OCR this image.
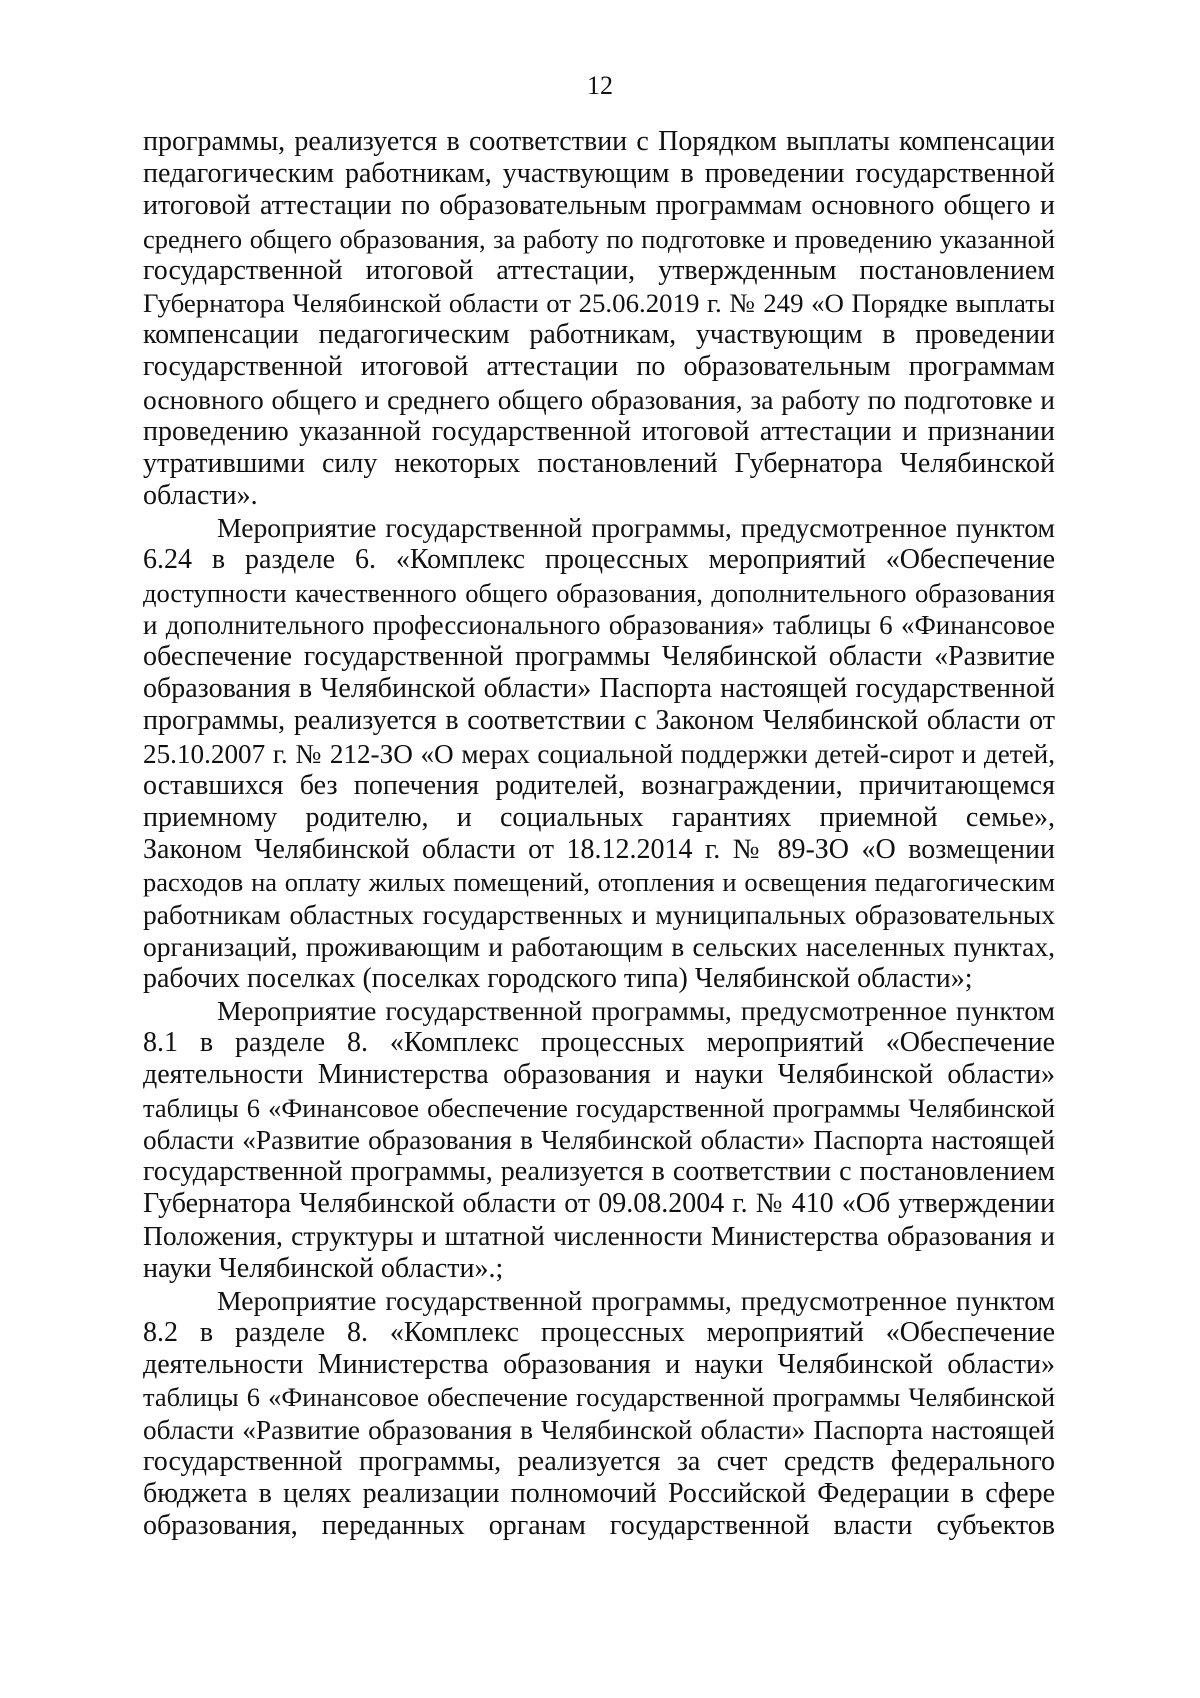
12
программы, реализуется в соответствии с Порядком выплаты компенсации
педагогическим работникам, участвующим в проведении государственной
итоговой аттестации по образовательным программам основного общего и
среднего общего образования, за работу по подготовке и проведению указанной
государственной итоговой аттестации, утвержденным постановлением
Губернатора Челябинской области от 25.06.2019 г. № 249 «О Порядке выплаты
компенсации педагогическим работникам, участвующим в проведении
государственной итоговой аттестации по образовательным программам
основного общего и среднего общего образования, за работу по подготовке и
проведению указанной государственной итоговой аттестации и признании
утратившими силу некоторых постановлений Губернатора Челябинской
области».
Мероприятие государственной программы, предусмотренное пунктом
6.24 в разделе 6. «Комплекс процессных мероприятий «Обеспечение
доступности качественного общего образования, дополнительного образования
и дополнительного профессионального образования» таблицы 6 «Финансовое
обеспечение государственной программы Челябинской области «Развитие
образования в Челябинской области» Паспорта настоящей государственной
программы, реализуется в соответствии с Законом Челябинской области от
25.10.2007 г. № 212-ЗО «О мерах социальной поддержки детей-сирот и детей,
оставшихся без попечения родителей, вознаграждении, причитающемся
приемному родителю, и социальных гарантиях приемной семье»,
Законом Челябинской области от 18.12.2014 г. № 89-ЗО «О возмещении
расходов на оплату жилых помещений, отопления и освещения педагогическим
работникам областных государственных и муниципальных образовательных
организаций, проживающим и работающим в сельских населенных пунктах,
рабочих поселках (поселках городского типа) Челябинской области»;
Мероприятие государственной программы, предусмотренное пунктом
8.1 в разделе 8. «Комплекс процессных мероприятий «Обеспечение
деятельности Министерства образования и науки Челябинской области»
таблицы 6 «Финансовое обеспечение государственной программы Челябинской
области «Развитие образования в Челябинской области» Паспорта настоящей
государственной программы, реализуется в соответствии с постановлением
Губернатора Челябинской области от 09.08.2004 г. № 410 «Об утверждении
Положения, структуры и штатной численности Министерства образования и
науки Челябинской области».;
Мероприятие государственной программы, предусмотренное пунктом
8.2 в разделе 8. «Комплекс процессных мероприятий «Обеспечение
деятельности Министерства образования и науки Челябинской области»
таблицы 6 «Финансовое обеспечение государственной программы Челябинской
области «Развитие образования в Челябинской области» Паспорта настоящей
государственной программы, реализуется за счет средств федерального
бюджета в целях реализации полномочий Российской Федерации в сфере
образования, переданных органам государственной власти субъектов
